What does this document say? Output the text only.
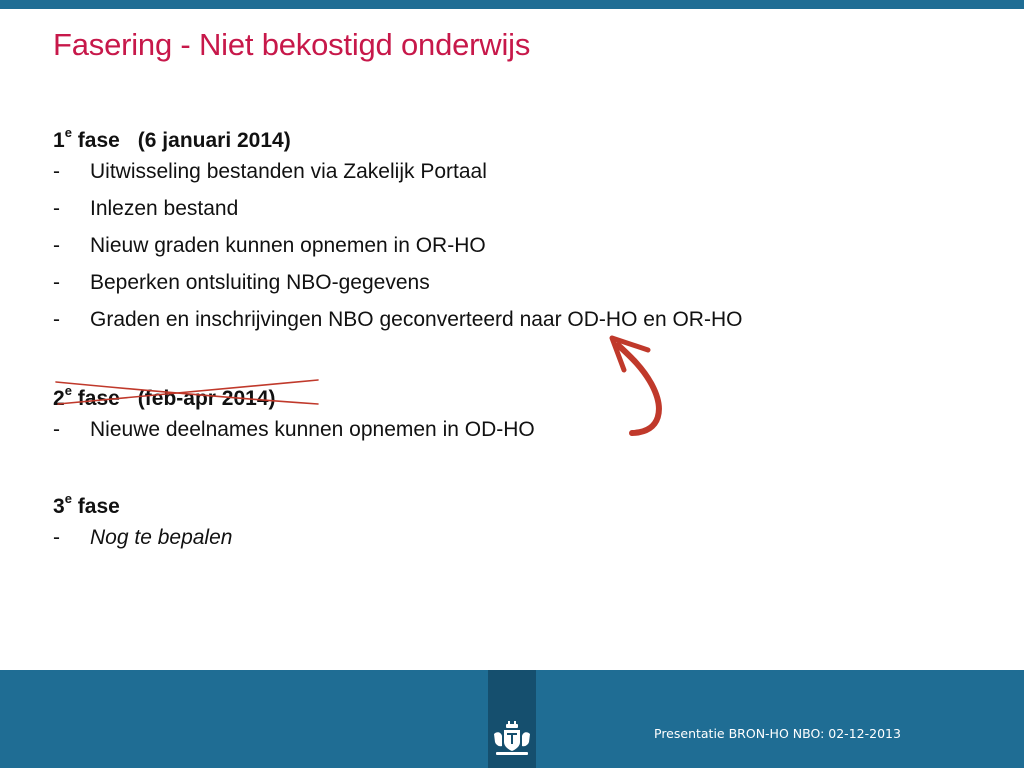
Fasering - Niet bekostigd onderwijs
1e fase (6 januari 2014)
- Uitwisseling bestanden via Zakelijk Portaal
- Inlezen bestand
- Nieuw graden kunnen opnemen in OR-HO
- Beperken ontsluiting NBO-gegevens
- Graden en inschrijvingen NBO geconverteerd naar OD-HO en OR-HO
2e fase (feb-apr 2014)
- Nieuwe deelnames kunnen opnemen in OD-HO
3e fase
- Nog te bepalen
Presentatie BRON-HO NBO: 02-12-2013
